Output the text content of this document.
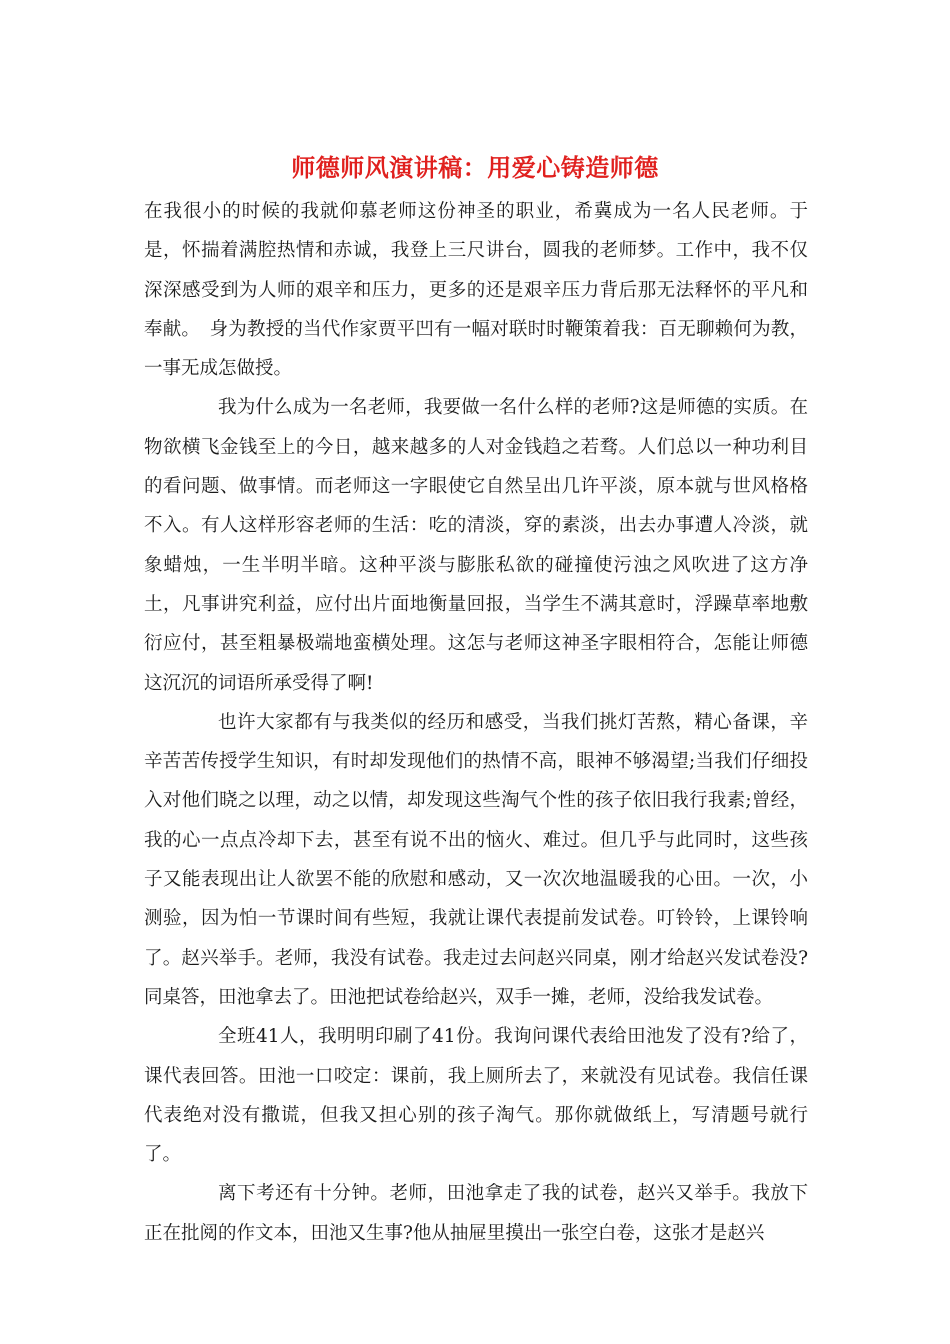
师德师风演讲稿：用爱心铸造师德

在我很小的时候的我就仰慕老师这份神圣的职业，希冀成为一名人民老师。于是，怀揣着满腔热情和赤诚，我登上三尺讲台，圆我的老师梦。工作中，我不仅深深感受到为人师的艰辛和压力，更多的还是艰辛压力背后那无法释怀的平凡和奉献。　身为教授的当代作家贾平凹有一幅对联时时鞭策着我：百无聊赖何为教，一事无成怎做授。

我为什么成为一名老师，我要做一名什么样的老师?这是师德的实质。在物欲横飞金钱至上的今日，越来越多的人对金钱趋之若骛。人们总以一种功利目的看问题、做事情。而老师这一字眼使它自然呈出几许平淡，原本就与世风格格不入。有人这样形容老师的生活：吃的清淡，穿的素淡，出去办事遭人冷淡，就象蜡烛，一生半明半暗。这种平淡与膨胀私欲的碰撞使污浊之风吹进了这方净土，凡事讲究利益，应付出片面地衡量回报，当学生不满其意时，浮躁草率地敷衍应付，甚至粗暴极端地蛮横处理。这怎与老师这神圣字眼相符合，怎能让师德这沉沉的词语所承受得了啊!

也许大家都有与我类似的经历和感受，当我们挑灯苦熬，精心备课，辛辛苦苦传授学生知识，有时却发现他们的热情不高，眼神不够渴望;当我们仔细投入对他们晓之以理，动之以情，却发现这些淘气个性的孩子依旧我行我素;曾经，我的心一点点冷却下去，甚至有说不出的恼火、难过。但几乎与此同时，这些孩子又能表现出让人欲罢不能的欣慰和感动，又一次次地温暖我的心田。一次，小测验，因为怕一节课时间有些短，我就让课代表提前发试卷。叮铃铃，上课铃响了。赵兴举手。老师，我没有试卷。我走过去问赵兴同桌，刚才给赵兴发试卷没?同桌答，田池拿去了。田池把试卷给赵兴，双手一摊，老师，没给我发试卷。

全班41人，我明明印刷了41份。我询问课代表给田池发了没有?给了，课代表回答。田池一口咬定：课前，我上厕所去了，来就没有见试卷。我信任课代表绝对没有撒谎，但我又担心别的孩子淘气。那你就做纸上，写清题号就行了。

离下考还有十分钟。老师，田池拿走了我的试卷，赵兴又举手。我放下正在批阅的作文本，田池又生事?他从抽屉里摸出一张空白卷，这张才是赵兴
